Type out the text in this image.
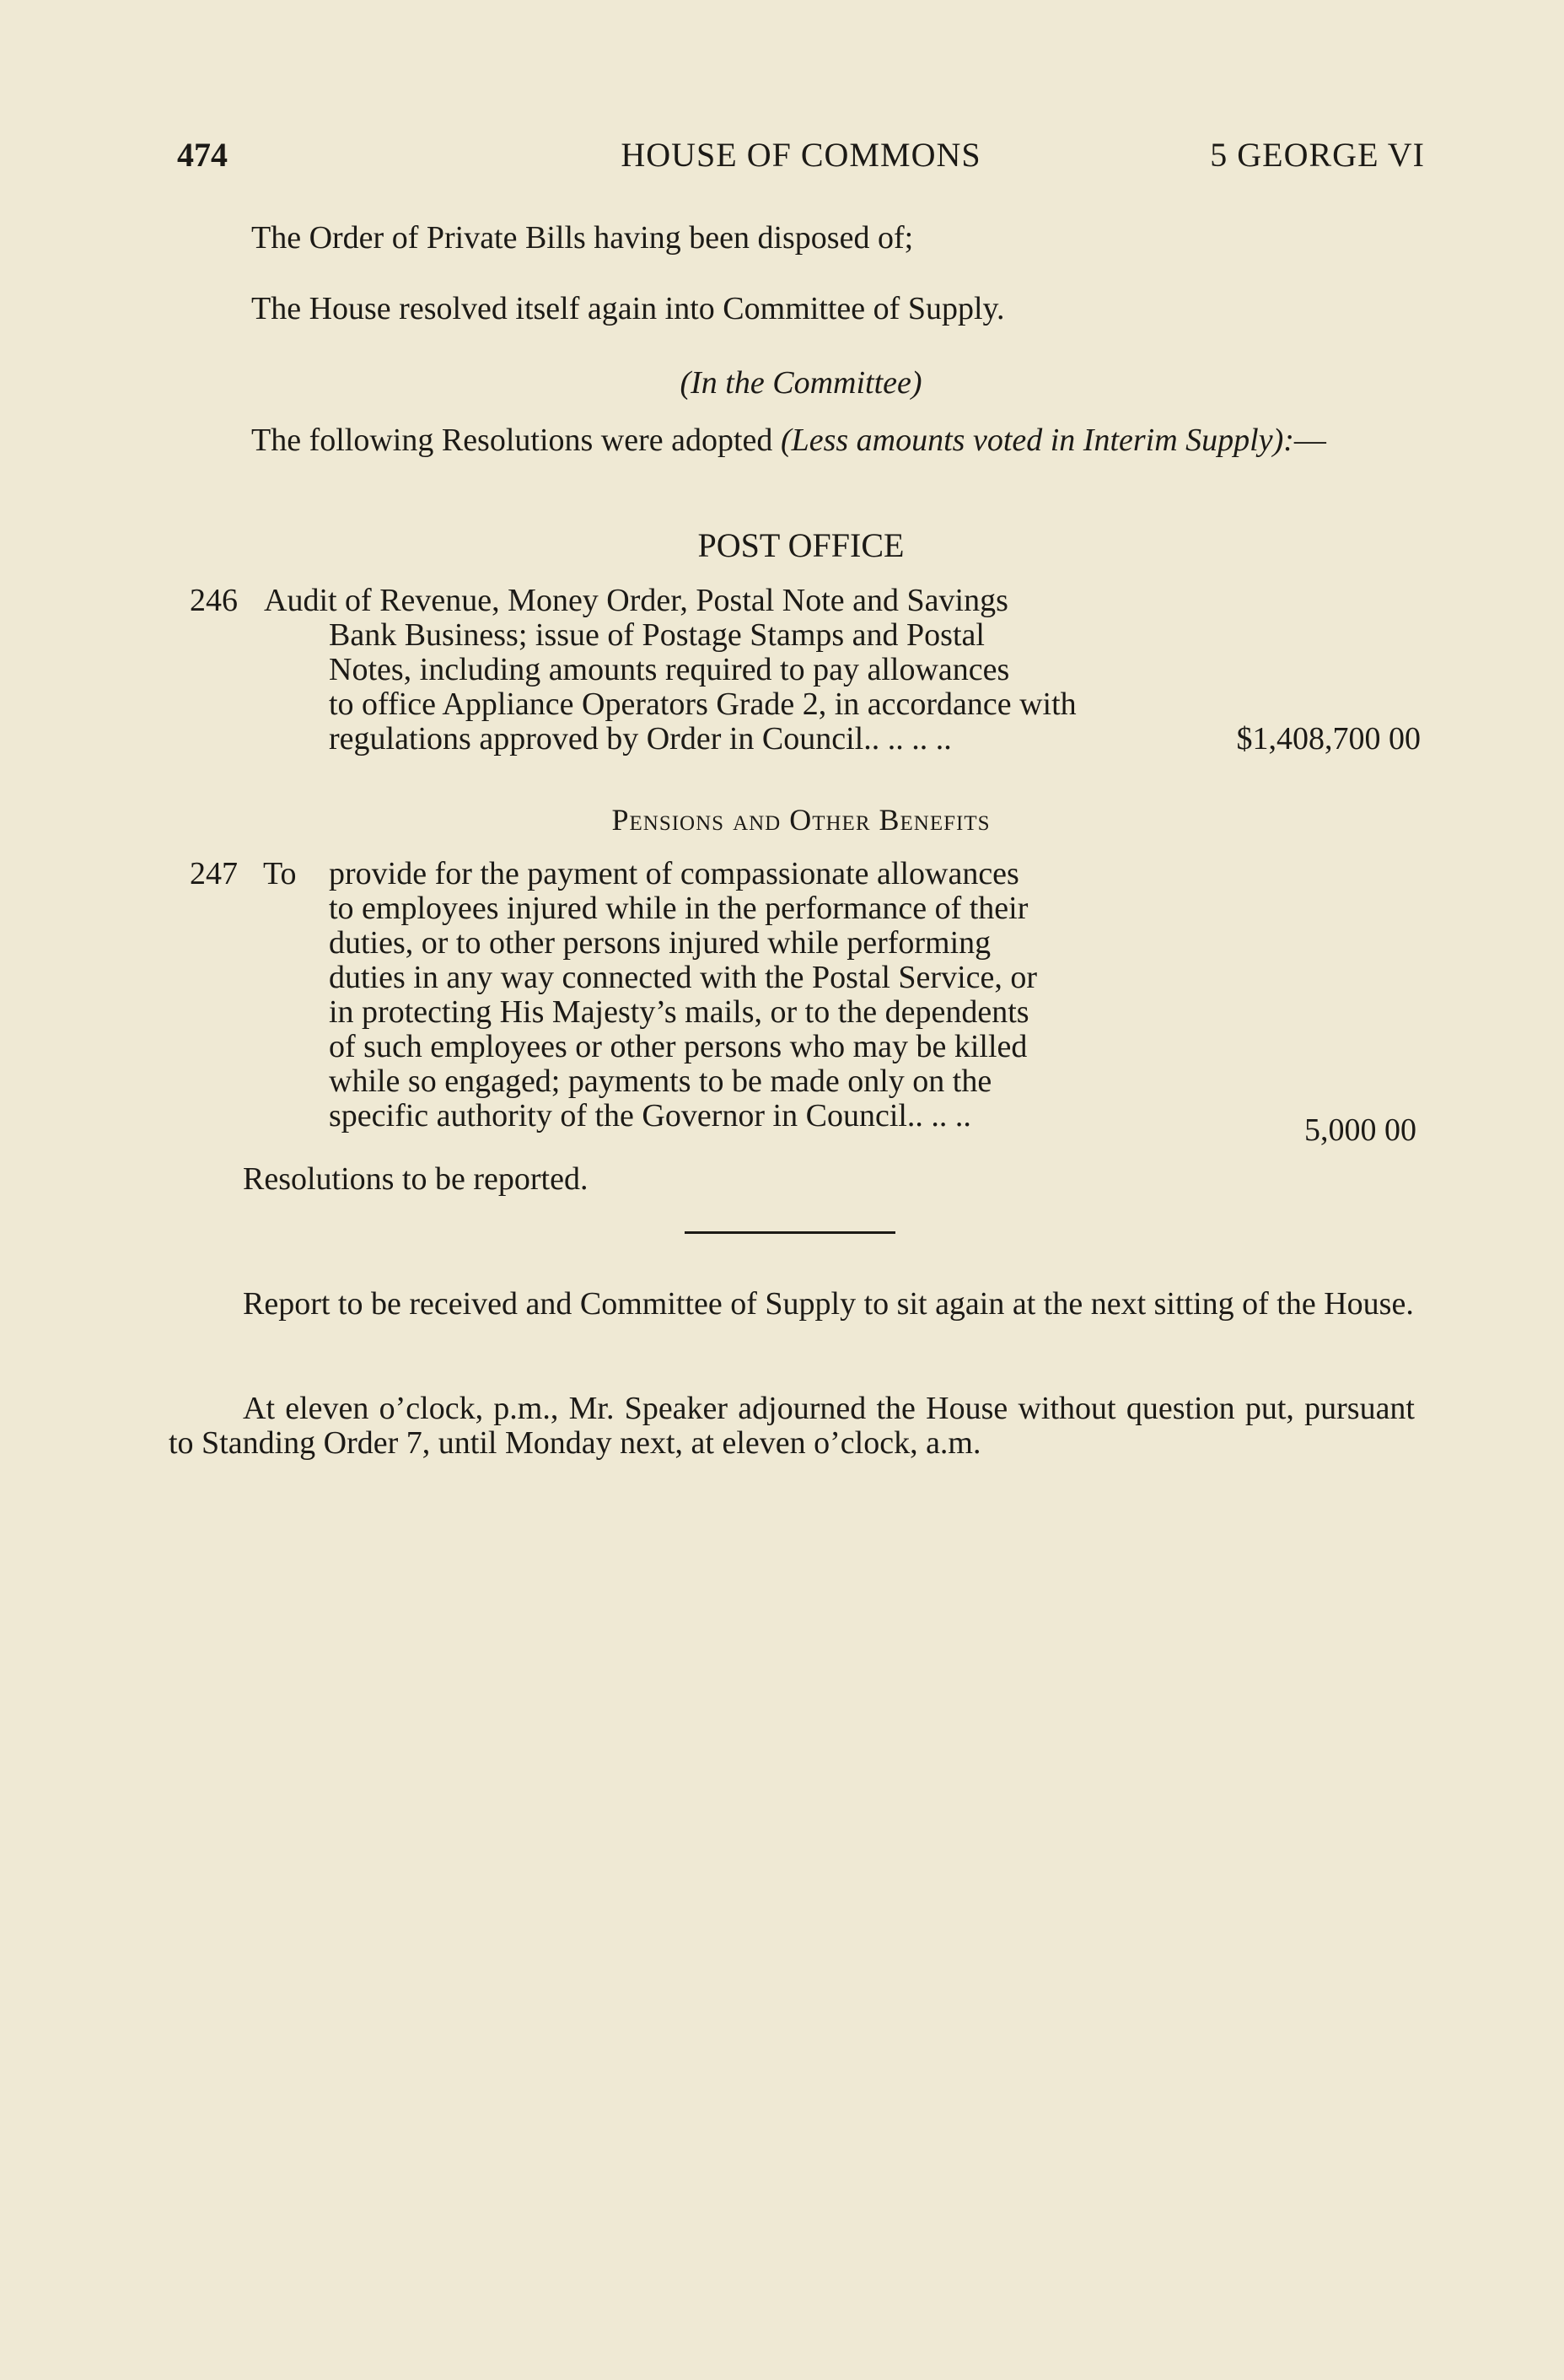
474	HOUSE OF COMMONS	5 GEORGE VI
The Order of Private Bills having been disposed of;
The House resolved itself again into Committee of Supply.
(In the Committee)
The following Resolutions were adopted (Less amounts voted in Interim Supply):—
POST OFFICE
246 Audit of Revenue, Money Order, Postal Note and Savings

Bank Business; issue of Postage Stamps and Postal

Notes, including amounts required to pay allowances

to office Appliance Operators Grade 2, in accordance with

regulations approved by Order in Council.. .. .. ..	$1,408,700 00
Pensions and Other Benefits
247 To provide for the payment of compassionate allowances

to employees injured while in the performance of their

duties, or to other persons injured while performing

duties in any way connected with the Postal Service, or

in protecting His Majesty’s mails, or to the dependents

of such employees or other persons who may be killed

while so engaged; payments to be made only on the

specific authority of the Governor in Council.. .. ..	5,000 00
Resolutions to be reported.
Report to be received and Committee of Supply to sit again at the next sitting of the House.
At eleven o’clock, p.m., Mr. Speaker adjourned the House without question put, pursuant to Standing Order 7, until Monday next, at eleven o’clock, a.m.
